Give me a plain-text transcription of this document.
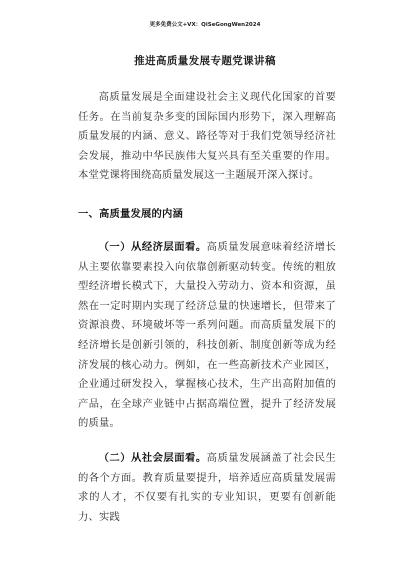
更多免费公文+VX：QiSeGongWen2024
推进高质量发展专题党课讲稿

高质量发展是全面建设社会主义现代化国家的首要任务。在当前复杂多变的国际国内形势下，深入理解高质量发展的内涵、意义、路径等对于我们党领导经济社会发展，推动中华民族伟大复兴具有至关重要的作用。本堂党课将围绕高质量发展这一主题展开深入探讨。

一、高质量发展的内涵

（一）从经济层面看。高质量发展意味着经济增长从主要依靠要素投入向依靠创新驱动转变。传统的粗放型经济增长模式下，大量投入劳动力、资本和资源，虽然在一定时期内实现了经济总量的快速增长，但带来了资源浪费、环境破坏等一系列问题。而高质量发展下的经济增长是创新引领的，科技创新、制度创新等成为经济发展的核心动力。例如，在一些高新技术产业园区，企业通过研发投入，掌握核心技术，生产出高附加值的产品，在全球产业链中占据高端位置，提升了经济发展的质量。

（二）从社会层面看。高质量发展涵盖了社会民生的各个方面。教育质量要提升，培养适应高质量发展需求的人才，不仅要有扎实的专业知识，更要有创新能力、实践
